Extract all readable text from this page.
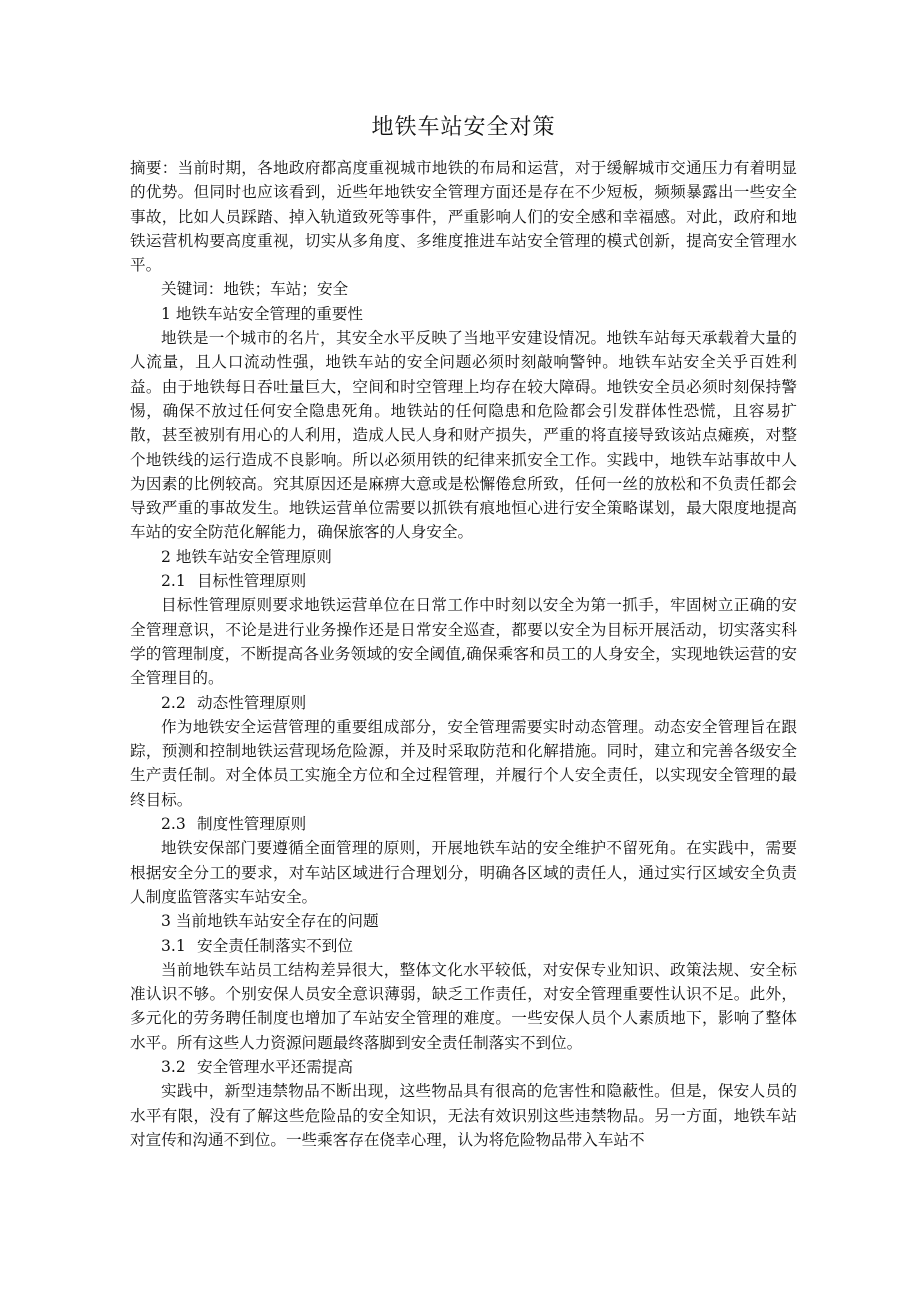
地铁车站安全对策

摘要：当前时期，各地政府都高度重视城市地铁的布局和运营，对于缓解城市交通压力有着明显的优势。但同时也应该看到，近些年地铁安全管理方面还是存在不少短板，频频暴露出一些安全事故，比如人员踩踏、掉入轨道致死等事件，严重影响人们的安全感和幸福感。对此，政府和地铁运营机构要高度重视，切实从多角度、多维度推进车站安全管理的模式创新，提高安全管理水平。

关键词：地铁；车站；安全

1 地铁车站安全管理的重要性

地铁是一个城市的名片，其安全水平反映了当地平安建设情况。地铁车站每天承载着大量的人流量，且人口流动性强，地铁车站的安全问题必须时刻敲响警钟。地铁车站安全关乎百姓利益。由于地铁每日吞吐量巨大，空间和时空管理上均存在较大障碍。地铁安全员必须时刻保持警惕，确保不放过任何安全隐患死角。地铁站的任何隐患和危险都会引发群体性恐慌，且容易扩散，甚至被别有用心的人利用，造成人民人身和财产损失，严重的将直接导致该站点瘫痪，对整个地铁线的运行造成不良影响。所以必须用铁的纪律来抓安全工作。实践中，地铁车站事故中人为因素的比例较高。究其原因还是麻痹大意或是松懈倦怠所致，任何一丝的放松和不负责任都会导致严重的事故发生。地铁运营单位需要以抓铁有痕地恒心进行安全策略谋划，最大限度地提高车站的安全防范化解能力，确保旅客的人身安全。

2 地铁车站安全管理原则

2.1 目标性管理原则

目标性管理原则要求地铁运营单位在日常工作中时刻以安全为第一抓手，牢固树立正确的安全管理意识，不论是进行业务操作还是日常安全巡查，都要以安全为目标开展活动，切实落实科学的管理制度，不断提高各业务领域的安全阈值,确保乘客和员工的人身安全，实现地铁运营的安全管理目的。

2.2 动态性管理原则

作为地铁安全运营管理的重要组成部分，安全管理需要实时动态管理。动态安全管理旨在跟踪，预测和控制地铁运营现场危险源，并及时采取防范和化解措施。同时，建立和完善各级安全生产责任制。对全体员工实施全方位和全过程管理，并履行个人安全责任，以实现安全管理的最终目标。

2.3 制度性管理原则

地铁安保部门要遵循全面管理的原则，开展地铁车站的安全维护不留死角。在实践中，需要根据安全分工的要求，对车站区域进行合理划分，明确各区域的责任人，通过实行区域安全负责人制度监管落实车站安全。

3 当前地铁车站安全存在的问题

3.1 安全责任制落实不到位

当前地铁车站员工结构差异很大，整体文化水平较低，对安保专业知识、政策法规、安全标准认识不够。个别安保人员安全意识薄弱，缺乏工作责任，对安全管理重要性认识不足。此外，多元化的劳务聘任制度也增加了车站安全管理的难度。一些安保人员个人素质地下，影响了整体水平。所有这些人力资源问题最终落脚到安全责任制落实不到位。

3.2 安全管理水平还需提高

实践中，新型违禁物品不断出现，这些物品具有很高的危害性和隐蔽性。但是，保安人员的水平有限，没有了解这些危险品的安全知识，无法有效识别这些违禁物品。另一方面，地铁车站对宣传和沟通不到位。一些乘客存在侥幸心理，认为将危险物品带入车站不
